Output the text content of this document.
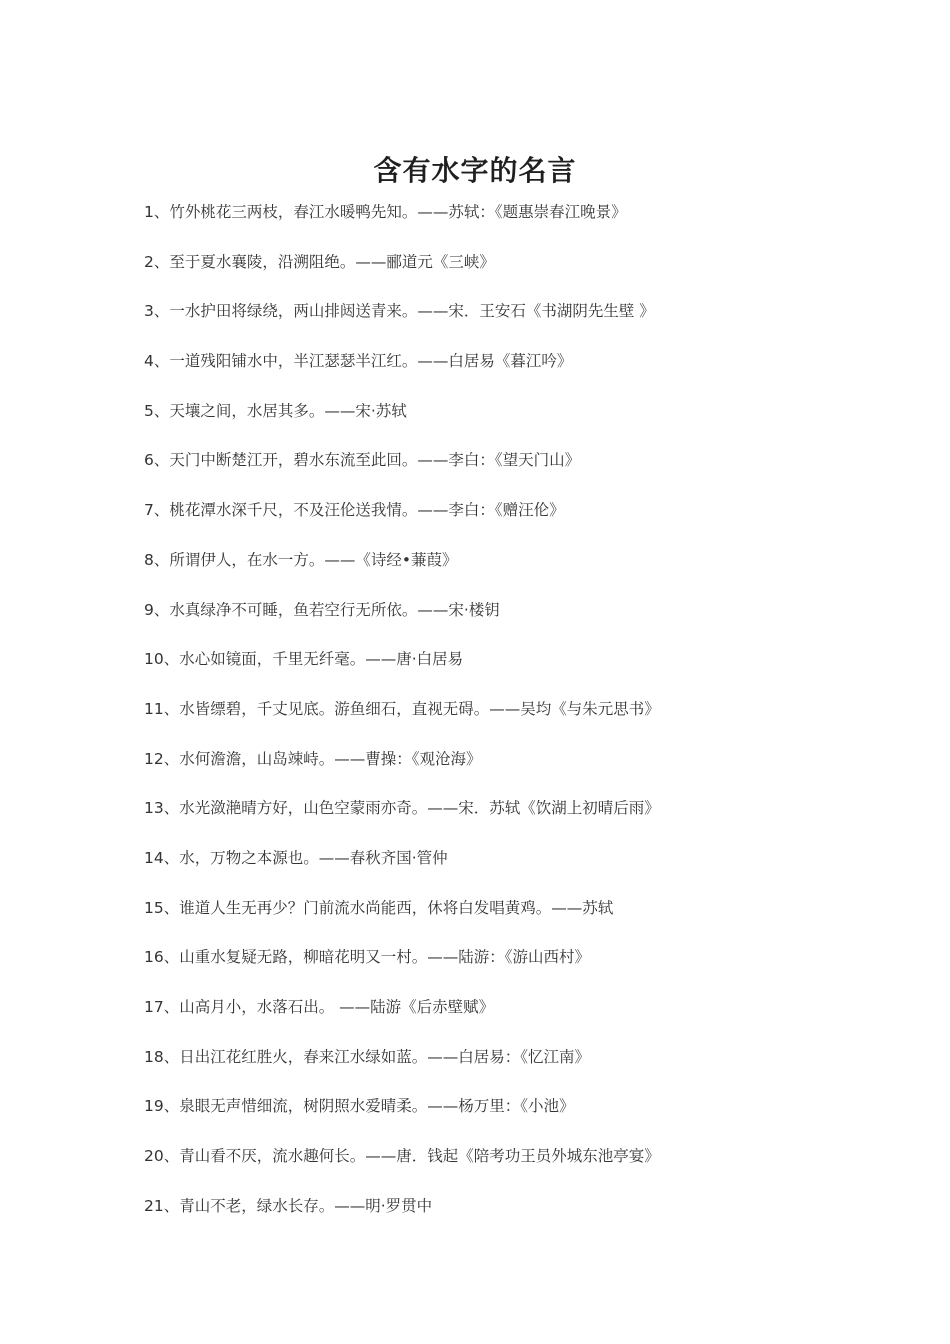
含有水字的名言
1、竹外桃花三两枝，春江水暖鸭先知。——苏轼：《题惠崇春江晚景》
2、至于夏水襄陵，沿溯阻绝。——郦道元《三峡》
3、一水护田将绿绕，两山排闼送青来。——宋．王安石《书湖阴先生壁 》
4、一道残阳铺水中，半江瑟瑟半江红。——白居易《暮江吟》
5、天壤之间，水居其多。——宋·苏轼
6、天门中断楚江开，碧水东流至此回。——李白：《望天门山》
7、桃花潭水深千尺，不及汪伦送我情。——李白：《赠汪伦》
8、所谓伊人，在水一方。——《诗经•蒹葭》
9、水真绿净不可睡，鱼若空行无所依。——宋·楼钥
10、水心如镜面，千里无纤毫。——唐·白居易
11、水皆缥碧，千丈见底。游鱼细石，直视无碍。——吴均《与朱元思书》
12、水何澹澹，山岛竦峙。——曹操：《观沧海》
13、水光潋滟晴方好，山色空蒙雨亦奇。——宋．苏轼《饮湖上初晴后雨》
14、水，万物之本源也。——春秋齐国·管仲
15、谁道人生无再少？门前流水尚能西，休将白发唱黄鸡。——苏轼
16、山重水复疑无路，柳暗花明又一村。——陆游：《游山西村》
17、山高月小，水落石出。 ——陆游《后赤壁赋》
18、日出江花红胜火，春来江水绿如蓝。——白居易：《忆江南》
19、泉眼无声惜细流，树阴照水爱晴柔。——杨万里：《小池》
20、青山看不厌，流水趣何长。——唐．钱起《陪考功王员外城东池亭宴》
21、青山不老，绿水长存。——明·罗贯中
